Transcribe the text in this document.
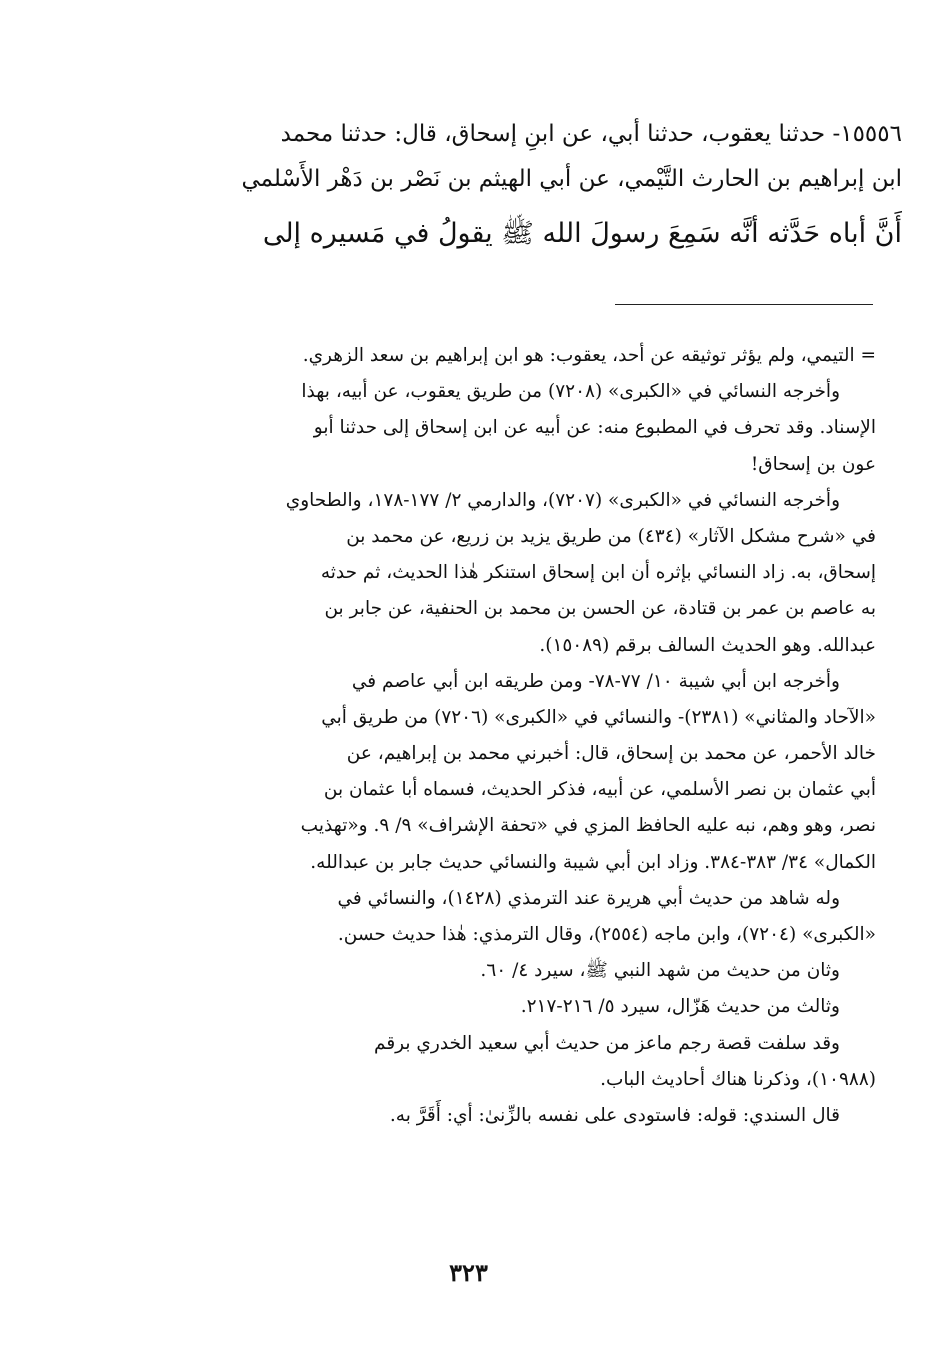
١٥٥٥٦- حدثنا يعقوب، حدثنا أبي، عن ابنِ إسحاق، قال: حدثنا محمد
ابن إبراهيم بن الحارث التَّيْمي، عن أبي الهيثم بن نَصْر بن دَهْر الأَسْلمي
أَنَّ أباه حَدَّثه أنَّه سَمِعَ رسولَ الله ﷺ يقولُ في مَسيره إلى

= التيمي، ولم يؤثر توثيقه عن أحد، يعقوب: هو ابن إبراهيم بن سعد الزهري.

وأخرجه النسائي في «الكبرى» (٧٢٠٨) من طريق يعقوب، عن أبيه، بهذا
الإسناد. وقد تحرف في المطبوع منه: عن أبيه عن ابن إسحاق إلى حدثنا أبو
عون بن إسحاق!

وأخرجه النسائي في «الكبرى» (٧٢٠٧)، والدارمي ٢/ ١٧٧-١٧٨، والطحاوي
في «شرح مشكل الآثار» (٤٣٤) من طريق يزيد بن زريع، عن محمد بن
إسحاق، به. زاد النسائي بإثره أن ابن إسحاق استنكر هٰذا الحديث، ثم حدثه
به عاصم بن عمر بن قتادة، عن الحسن بن محمد بن الحنفية، عن جابر بن
عبدالله. وهو الحديث السالف برقم (١٥٠٨٩).

وأخرجه ابن أبي شيبة ١٠/ ٧٧-٧٨- ومن طريقه ابن أبي عاصم في
«الآحاد والمثاني» (٢٣٨١)- والنسائي في «الكبرى» (٧٢٠٦) من طريق أبي
خالد الأحمر، عن محمد بن إسحاق، قال: أخبرني محمد بن إبراهيم، عن
أبي عثمان بن نصر الأسلمي، عن أبيه، فذكر الحديث، فسماه أبا عثمان بن
نصر، وهو وهم، نبه عليه الحافظ المزي في «تحفة الإشراف» ٩/ ٩. و«تهذيب
الكمال» ٣٤/ ٣٨٣-٣٨٤. وزاد ابن أبي شيبة والنسائي حديث جابر بن عبدالله.

وله شاهد من حديث أبي هريرة عند الترمذي (١٤٢٨)، والنسائي في
«الكبرى» (٧٢٠٤)، وابن ماجه (٢٥٥٤)، وقال الترمذي: هٰذا حديث حسن.

وثان من حديث من شهد النبي ﷺ، سيرد ٤/ ٦٠.

وثالث من حديث هَزّال، سيرد ٥/ ٢١٦-٢١٧.

وقد سلفت قصة رجم ماعز من حديث أبي سعيد الخدري برقم
(١٠٩٨٨)، وذكرنا هناك أحاديث الباب.

قال السندي: قوله: فاستودى على نفسه بالزِّنىٰ: أي: أَقَرَّ به.

٣٢٣
